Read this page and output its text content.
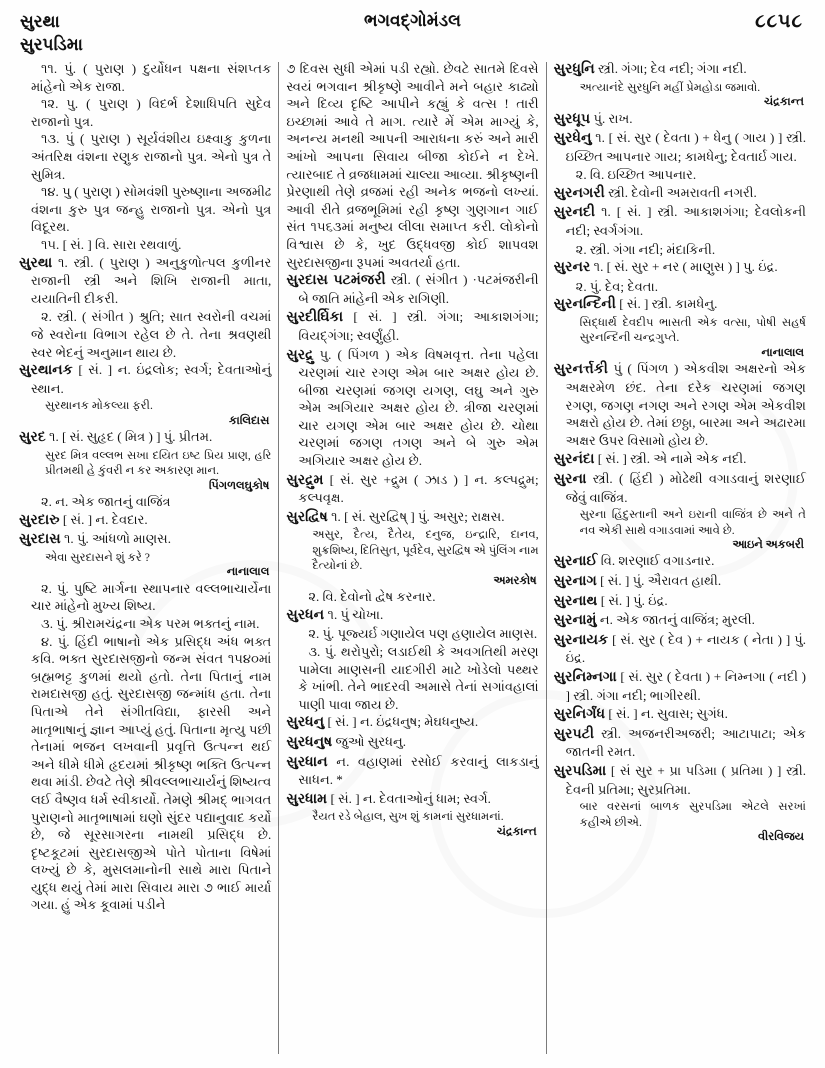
સુરથા
સુરપડિમા
ભગવદ્ગોમંડલ	૮૮૫૮
૧૧. પું. ( પુરાણ ) દુર્યોધન પક્ષના સંશપ્તક માંહેનો એક રાજા.
૧૨. પુ. ( પુરાણ ) વિદર્ભ દેશાધિપતિ સુદેવ રાજાનો પુત્ર.
૧૩. પું ( પુરાણ ) સૂર્યવંશીય ઇક્ષ્વાકુ કુળના અંતરિક્ષ વંશના રણુક રાજાનો પુત્ર. એનો પુત્ર તે સુમિત્ર.
૧૪. પુ ( પુરાણ ) સોમવંશી પુરુષ્ણાના અજમીઢ વંશના કુરુ પુત્ર જન્હુ રાજાનો પુત્ર. એનો પુત્ર વિદૂરથ.
૧૫. [ સં. ] વિ. સારા રથવાળું.
સુરથા ૧. સ્ત્રી. ( પુરાણ ) અનુકુળોત્પલ કુળીનર રાજાની સ્ત્રી અને શિખિ રાજાની માતા, યયાતિની દીકરી.
૨. સ્ત્રી. ( સંગીત ) શ્રુતિ; સાત સ્વરોની વચમાં જે સ્વરોના વિભાગ રહેલ છે તે. તેના શ્રવણથી સ્વર ભેદનું અનુમાન થાય છે.
સુરથાનક [ સં. ] ન. ઇંદ્રલોક; સ્વર્ગ; દેવતાઓનું સ્થાન.
સુરથાનક મોકલ્યા ફરી.
કાલિદાસ
સુરદ ૧. [ સં. સુહૃદ ( મિત્ર ) ] પું. પ્રીતમ.
સુરદ મિત્ર વલ્લભ સખા દયિત ઇષ્ટ પ્રિય પ્રાણ, હરિ પ્રીતમથી હે કુંવરી ન કર અકારણ માન.
પિંગળલઘુકોષ
૨. ન. એક જાતનું વાજિંત્ર
સુરદારુ [ સં. ] ન. દેવદાર.
સુરદાસ ૧. પું. આંધળો માણસ.
એવા સુરદાસને શું કરે ?
નાનાલાલ
૨. પું. પુષ્ટિ માર્ગના સ્થાપનાર વલ્લભાચાર્યેના ચાર માંહેનો મુખ્ય શિષ્ય.
૩. પું. શ્રીરામચંદ્રના એક પરમ ભક્તનું નામ.
૪. પું. હિંદી ભાષાનો એક પ્રસિદ્ધ અંધ ભક્ત કવિ. ભક્ત સુરદાસજીનો જન્મ સંવત ૧૫૪૦માં બ્રહ્મભટ્ટ કુળમાં થયો હતો. તેના પિતાનું નામ રામદાસજી હતું. સુરદાસજી જન્માંધ હતા. તેના પિતાએ તેને સંગીતવિદ્યા, ફારસી અને માતૃભાષાનું જ્ઞાન આપ્યું હતું. પિતાના મૃત્યુ પછી તેનામાં ભજન લખવાની પ્રવૃત્તિ ઉત્પન્ન થઈ અને ધીમે ધીમે હૃદયમાં શ્રીકૃષ્ણ ભક્તિ ઉત્પન્ન થવા માંડી. છેવટે તેણે શ્રીવલ્લભાચાર્યનું શિષ્યત્વ લઈ વૈષ્ણવ ધર્મ સ્વીકાર્યો. તેમણે શ્રીમદ્ ભાગવત પુરાણનો માતૃભાષામાં ઘણો સુંદર પદ્યાનુવાદ કર્યો છે, જે સૂરસાગરના નામથી પ્રસિદ્ધ છે. દૃષ્ટકૂટમાં સુરદાસજીએ પોતે પોતાના વિષેમાં લખ્યું છે કે, મુસલમાનોની સાથે મારા પિતાને યુદ્ધ થયું તેમાં મારા સિવાય મારા ૭ ભાઈ માર્યા ગયા. હું એક કૂવામાં પડીને
૭ દિવસ સુધી એમાં પડી રહ્યો. છેવટે સાતમે દિવસે સ્વયં ભગવાન શ્રીકૃષ્ણે આવીને મને બહાર કાઢ્યો અને દિવ્ય દૃષ્ટિ આપીને કહ્યું કે વત્સ ! તારી ઇચ્છામાં આવે તે માગ. ત્યારે મેં એમ માગ્યું કે, અનન્ય મનથી આપની આરાધના કરું અને મારી આંખો આપના સિવાય બીજા કોઈને ન દેખે. ત્યારબાદ તે વ્રજધામમાં ચાલ્યા આવ્યા. શ્રીકૃષ્ણની પ્રેરણાથી તેણે વ્રજમાં રહી અનેક ભજનો લખ્યાં. આવી રીતે વ્રજભૂમિમાં રહી કૃષ્ણ ગુણગાન ગાઈ સંત ૧૫૬૩માં મનુષ્ય લીલા સમાપ્ત કરી. લોકોનો વિશ્વાસ છે કે, ખુદ ઉદ્ધવજી કોઈ શાપવશ સુરદાસજીના રૂપમાં અવતર્યા હતા.
સુરદાસ પટમંજરી સ્ત્રી. ( સંગીત ) ·પટમંજરીની બે જાતિ માંહેની એક રાગિણી.
સુરદીર્ઘિકા [ સં. ] સ્ત્રી. ગંગા; આકાશગંગા; વિયદ્ગંગા; સ્વર્ણુંહી.
સુરદ્રુ પુ. ( પિંગળ ) એક વિષમવૃત્ત. તેના પહેલા ચરણમાં ચાર રગણ એમ બાર અક્ષર હોય છે. બીજા ચરણમાં જગણ યગણ, લઘુ અને ગુરુ એમ અગિયાર અક્ષર હોય છે. ત્રીજા ચરણમાં ચાર યગણ એમ બાર અક્ષર હોય છે. ચોથા ચરણમાં જગણ તગણ અને બે ગુરુ એમ અગિયાર અક્ષર હોય છે.
સુરદ્રુમ [ સં. સુર +દ્રુમ ( ઝાડ ) ] ન. કલ્પદ્રુમ; કલ્પવૃક્ષ.
સુરદ્વિષ ૧. [ સં. સુરદ્વિષ્ ] પું. અસુર; રાક્ષસ.
અસુર, દૈત્ય, દૈતેય, દનુજ, ઇન્દ્રારિ, દાનવ, શુક્રશિષ્ય, દિતિસુત, પૂર્વદેવ, સુરદ્વિષ એ પુંલિંગ નામ દૈત્યોનાં છે.
અમરકોષ
૨. વિ. દેવોનો દ્વેષ કરનાર.
સુરધન ૧. પું ચોખા.
૨. પું. પૂજ્યર્ઇ ગણાયેલ પણ હણાયેલ માણસ.
૩. પું. થરોપુરો; લડાઈથી કે અવગતિથી મરણ પામેલા માણસની યાદગીરી માટે ખોડેલો પથ્થર કે ખાંભી. તેને ભાદરવી અમાસે તેનાં સગાંવહાલાં પાણી પાવા જાય છે.
સુરધનુ [ સં. ] ન. ઇંદ્રધનુષ; મેઘધનુષ્ય.
સુરધનુષ જુઓ સુરધનુ.
સુરધાન ન. વહાણમાં રસોઈ કરવાનું લાકડાનું સાધન. *
સુરધામ [ સં. ] ન. દેવતાઓનું ધામ; સ્વર્ગ.
રૈયત રડે બેહાલ, સુખ શું કામનાં સુરધામનાં.
ચંદ્રકાન્ત
સુરધુનિ સ્ત્રી. ગંગા; દેવ નદી; ગંગા નદી.
અત્યાનંદે સુરધુનિ મહીં પ્રેમહોડા જમાવો.
ચંદ્રકાન્ત
સુરધૂપ પું. રાખ.
સુરધેનુ ૧. [ સં. સુર ( દેવતા ) + ધેનુ ( ગાય ) ] સ્ત્રી. ઇચ્છિત આપનાર ગાય; કામધેનુ; દેવતાર્ઇ ગાય.
૨. વિ. ઇચ્છિત આપનાર.
સુરનગરી સ્ત્રી. દેવોની અમરાવતી નગરી.
સુરનદી ૧. [ સં. ] સ્ત્રી. આકાશગંગા; દેવલોકની નદી; સ્વર્ગગંગા.
૨. સ્ત્રી. ગંગા નદી; મંદાકિની.
સુરનર ૧. [ સં. સુર + નર ( માણુસ ) ] પુ. ઇંદ્ર.
૨. પું. દેવ; દેવતા.
સુરનન્દિની [ સં. ] સ્ત્રી. કામધેનુ.
સિદ્ધાર્થ દેવદીપ ભાસતી એક વત્સા, પોષી સહર્ષ સુરનન્દિની ચન્દ્રગુપ્તે.
નાનાલાલ
સુરનર્ત્તકી પું ( પિંગળ ) એકવીશ અક્ષરનો એક અક્ષરમેળ છંદ. તેના દરેક ચરણમાં જગણ રગણ, જગણ નગણ અને રગણ એમ એકવીશ અક્ષરો હોય છે. તેમાં છઠ્ઠા, બારમા અને અઢારમા અક્ષર ઉપર વિસામો હોય છે.
સુરનંદા [ સં. ] સ્ત્રી. એ નામે એક નદી.
સુરના સ્ત્રી. ( હિંદી ) મોઢેથી વગાડવાનું શરણાઈ જેવું વાજિંત્ર.
સુરના હિંદુસ્તાની અને ઇરાની વાજિંત્ર છે અને તે નવ એકી સાથે વગાડવામાં આવે છે.
આઇને અકબરી
સુરનાઈ વિ. શરણાઈ વગાડનાર.
સુરનાગ [ સં. ] પું. ઐરાવત હાથી.
સુરનાથ [ સં. ] પું. ઇંદ્ર.
સુરનામું ન. એક જાતનું વાજિંત્ર; મુરલી.
સુરનાયક [ સં. સુર ( દેવ ) + નાયક ( નેતા ) ] પું. ઇંદ્ર.
સુરનિમ્નગા [ સં. સુર ( દેવતા ) + નિમ્નગા ( નદી ) ] સ્ત્રી. ગંગા નદી; ભાગીરથી.
સુરનિર્ગંધ [ સં. ] ન. સુવાસ; સુગંધ.
સુરપટી સ્ત્રી. અજનરીઅજરી; આટાપાટા; એક જાતની રમત.
સુરપડિમા [ સં સુર + પ્રા પડિમા ( પ્રતિમા ) ] સ્ત્રી. દેવની પ્રતિમા; સુરપ્રતિમા.
બાર વરસનાં બાળક સુરપડિમા એટલે સરખાં કહીએ છીએ.
વીરવિજય
